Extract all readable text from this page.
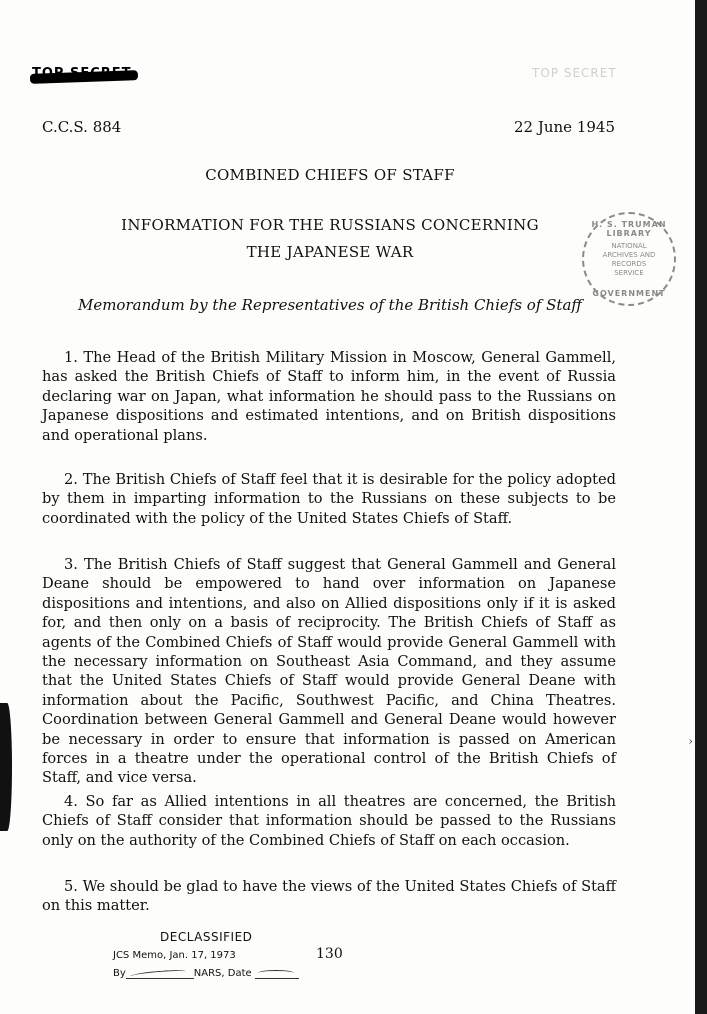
TOP SECRET
C.C.S. 884	22 June 1945
COMBINED CHIEFS OF STAFF
INFORMATION FOR THE RUSSIANS CONCERNING
THE JAPANESE WAR
H. S. TRUMAN LIBRARY
NATIONAL
ARCHIVES AND
RECORDS
SERVICE
GOVERNMENT
Memorandum by the Representatives of the British Chiefs of Staff

1. The Head of the British Military Mission in Moscow, General Gammell, has asked the British Chiefs of Staff to inform him, in the event of Russia declaring war on Japan, what information he should pass to the Russians on Japanese dispositions and estimated intentions, and on British dispositions and operational plans.

2. The British Chiefs of Staff feel that it is desirable for the policy adopted by them in imparting information to the Russians on these subjects to be coordinated with the policy of the United States Chiefs of Staff.

3. The British Chiefs of Staff suggest that General Gammell and General Deane should be empowered to hand over information on Japanese dispositions and intentions, and also on Allied dispositions only if it is asked for, and then only on a basis of reciprocity. The British Chiefs of Staff as agents of the Combined Chiefs of Staff would provide General Gammell with the necessary information on Southeast Asia Command, and they assume that the United States Chiefs of Staff would provide General Deane with information about the Pacific, Southwest Pacific, and China Theatres. Coordination between General Gammell and General Deane would however be necessary in order to ensure that information is passed on American forces in a theatre under the operational control of the British Chiefs of Staff, and vice versa.

4. So far as Allied intentions in all theatres are concerned, the British Chiefs of Staff consider that information should be passed to the Russians only on the authority of the Combined Chiefs of Staff on each occasion.

5. We should be glad to have the views of the United States Chiefs of Staff on this matter.

DECLASSIFIED
JCS Memo, Jan. 17, 1973
By	NARS, Date
130
›
